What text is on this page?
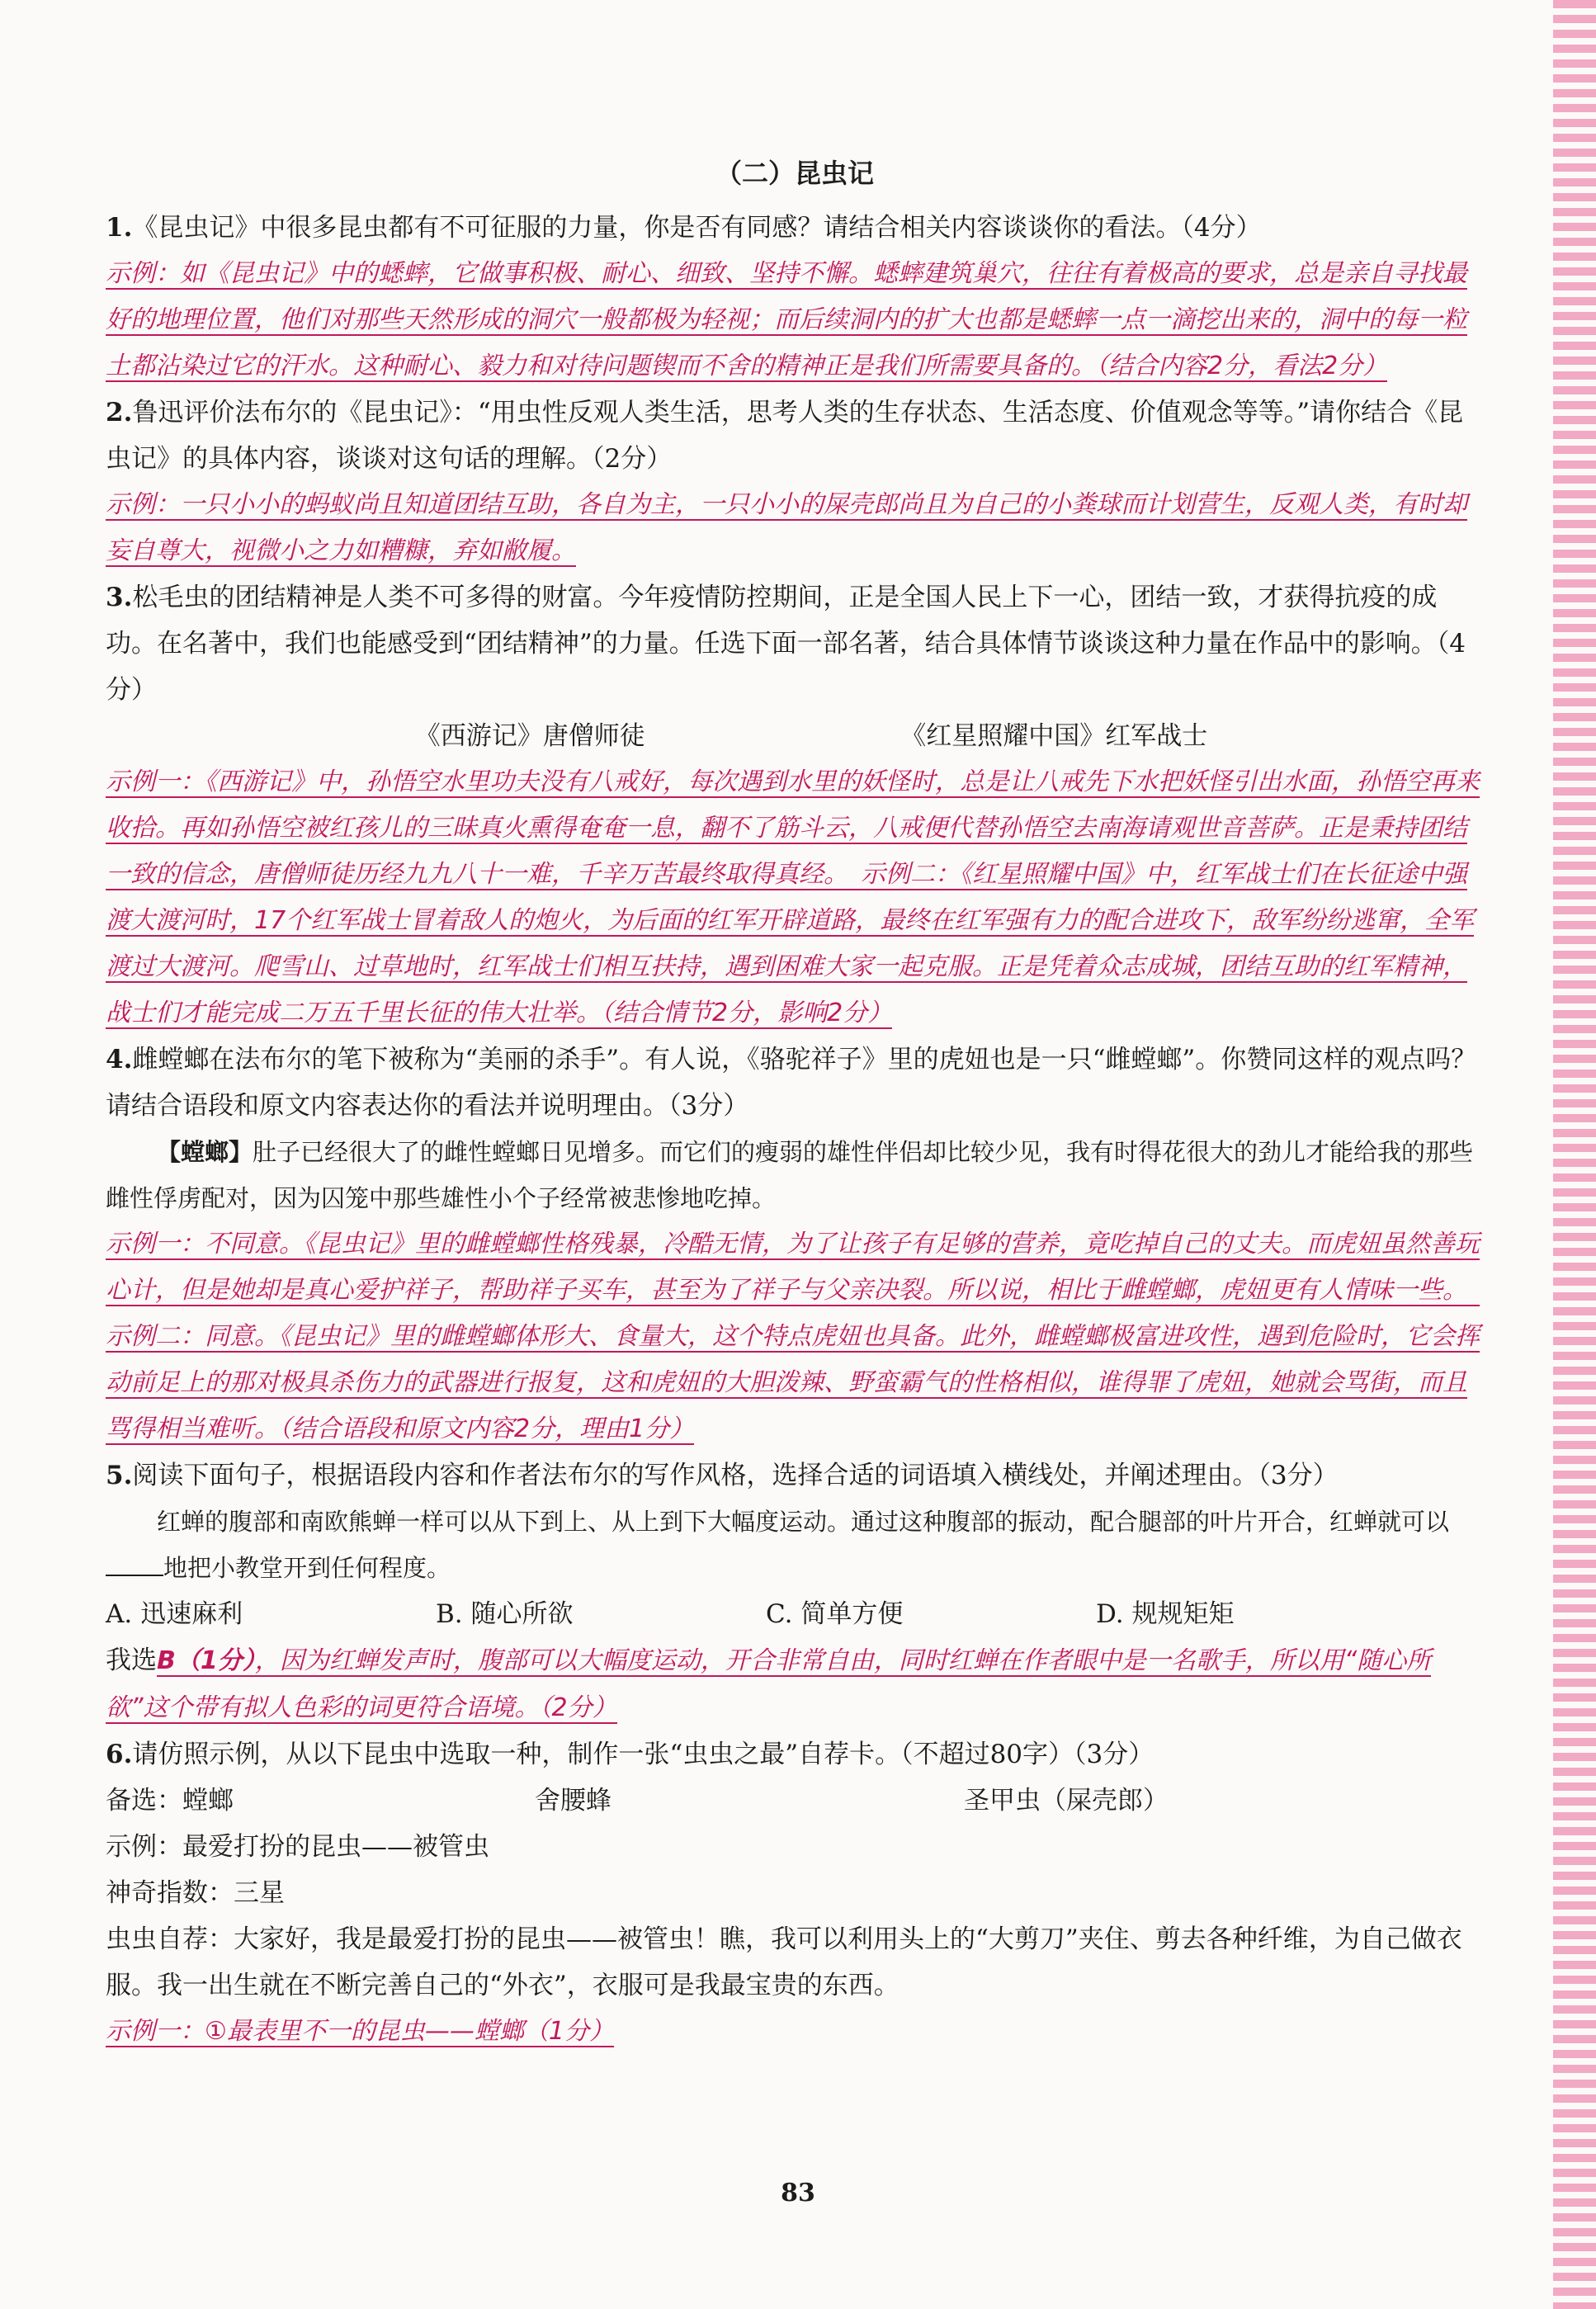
（二）昆虫记

1.《昆虫记》中很多昆虫都有不可征服的力量，你是否有同感？请结合相关内容谈谈你的看法。（4分）

示例：如《昆虫记》中的蟋蟀，它做事积极、耐心、细致、坚持不懈。蟋蟀建筑巢穴，往往有着极高的要求，总是亲自寻找最好的地理位置，他们对那些天然形成的洞穴一般都极为轻视；而后续洞内的扩大也都是蟋蟀一点一滴挖出来的，洞中的每一粒土都沾染过它的汗水。这种耐心、毅力和对待问题锲而不舍的精神正是我们所需要具备的。（结合内容2分，看法2分）

2.鲁迅评价法布尔的《昆虫记》：“用虫性反观人类生活，思考人类的生存状态、生活态度、价值观念等等。”请你结合《昆虫记》的具体内容，谈谈对这句话的理解。（2分）

示例：一只小小的蚂蚁尚且知道团结互助，各自为主，一只小小的屎壳郎尚且为自己的小粪球而计划营生，反观人类，有时却妄自尊大，视微小之力如糟糠，弃如敝履。

3.松毛虫的团结精神是人类不可多得的财富。今年疫情防控期间，正是全国人民上下一心，团结一致，才获得抗疫的成功。在名著中，我们也能感受到“团结精神”的力量。任选下面一部名著，结合具体情节谈谈这种力量在作品中的影响。（4分）

《西游记》唐僧师徒	《红星照耀中国》红军战士

示例一：《西游记》中，孙悟空水里功夫没有八戒好，每次遇到水里的妖怪时，总是让八戒先下水把妖怪引出水面，孙悟空再来收拾。再如孙悟空被红孩儿的三昧真火熏得奄奄一息，翻不了筋斗云，八戒便代替孙悟空去南海请观世音菩萨。正是秉持团结一致的信念，唐僧师徒历经九九八十一难，千辛万苦最终取得真经。　示例二：《红星照耀中国》中，红军战士们在长征途中强渡大渡河时，17个红军战士冒着敌人的炮火，为后面的红军开辟道路，最终在红军强有力的配合进攻下，敌军纷纷逃窜，全军渡过大渡河。爬雪山、过草地时，红军战士们相互扶持，遇到困难大家一起克服。正是凭着众志成城，团结互助的红军精神，战士们才能完成二万五千里长征的伟大壮举。（结合情节2分，影响2分）

4.雌螳螂在法布尔的笔下被称为“美丽的杀手”。有人说，《骆驼祥子》里的虎妞也是一只“雌螳螂”。你赞同这样的观点吗？请结合语段和原文内容表达你的看法并说明理由。（3分）

【螳螂】肚子已经很大了的雌性螳螂日见增多。而它们的瘦弱的雄性伴侣却比较少见，我有时得花很大的劲儿才能给我的那些雌性俘虏配对，因为囚笼中那些雄性小个子经常被悲惨地吃掉。

示例一：不同意。《昆虫记》里的雌螳螂性格残暴，冷酷无情，为了让孩子有足够的营养，竟吃掉自己的丈夫。而虎妞虽然善玩心计，但是她却是真心爱护祥子，帮助祥子买车，甚至为了祥子与父亲决裂。所以说，相比于雌螳螂，虎妞更有人情味一些。　示例二：同意。《昆虫记》里的雌螳螂体形大、食量大，这个特点虎妞也具备。此外，雌螳螂极富进攻性，遇到危险时，它会挥动前足上的那对极具杀伤力的武器进行报复，这和虎妞的大胆泼辣、野蛮霸气的性格相似，谁得罪了虎妞，她就会骂街，而且骂得相当难听。（结合语段和原文内容2分，理由1分）

5.阅读下面句子，根据语段内容和作者法布尔的写作风格，选择合适的词语填入横线处，并阐述理由。（3分）

红蝉的腹部和南欧熊蝉一样可以从下到上、从上到下大幅度运动。通过这种腹部的振动，配合腿部的叶片开合，红蝉就可以地把小教堂开到任何程度。

A. 迅速麻利	B. 随心所欲	C. 简单方便	D. 规规矩矩

我选B（1分），因为红蝉发声时，腹部可以大幅度运动，开合非常自由，同时红蝉在作者眼中是一名歌手，所以用“随心所欲”这个带有拟人色彩的词更符合语境。（2分）

6.请仿照示例，从以下昆虫中选取一种，制作一张“虫虫之最”自荐卡。（不超过80字）（3分）

备选：螳螂	舍腰蜂	圣甲虫（屎壳郎）

示例：最爱打扮的昆虫——被管虫

神奇指数：三星

虫虫自荐：大家好，我是最爱打扮的昆虫——被管虫！瞧，我可以利用头上的“大剪刀”夹住、剪去各种纤维，为自己做衣服。我一出生就在不断完善自己的“外衣”，衣服可是我最宝贵的东西。

示例一：①最表里不一的昆虫——螳螂（1分）

83
